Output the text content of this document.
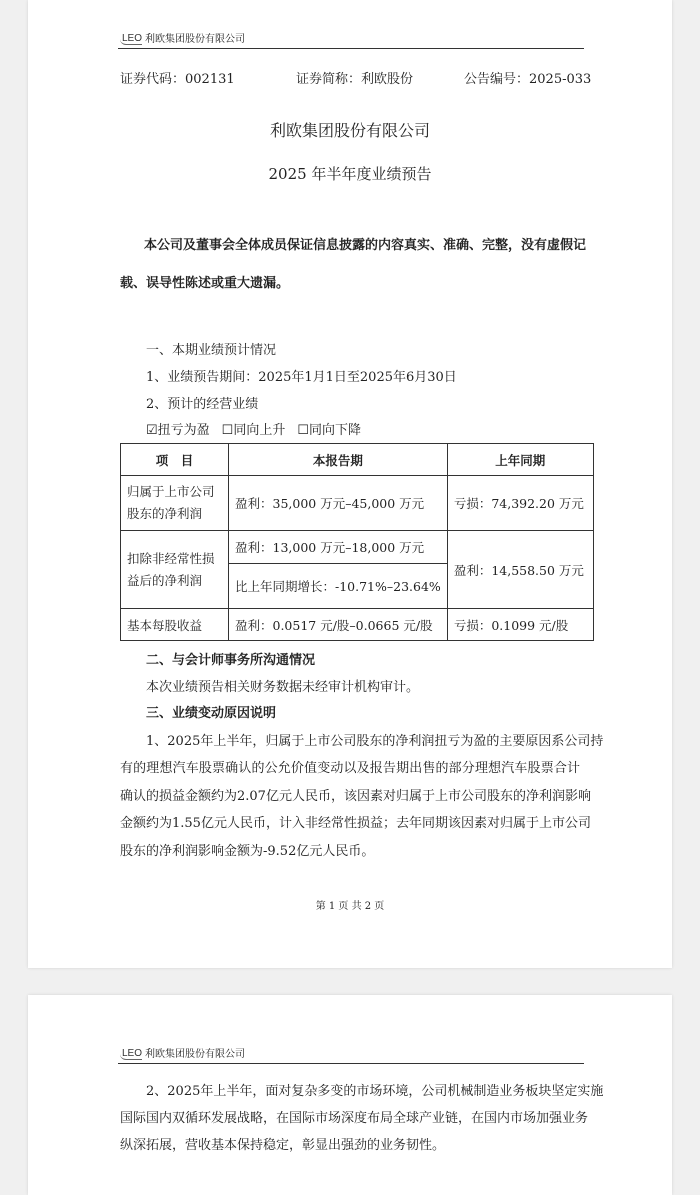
LEO 利欧集团股份有限公司
证券代码：002131	证券简称：利欧股份	公告编号：2025-033
利欧集团股份有限公司
2025 年半年度业绩预告
本公司及董事会全体成员保证信息披露的内容真实、准确、完整，没有虚假记
载、误导性陈述或重大遗漏。
一、本期业绩预计情况
1、业绩预告期间：2025年1月1日至2025年6月30日
2、预计的经营业绩
☑扭亏为盈 ☐同向上升 ☐同向下降
项　目	本报告期	上年同期
归属于上市公司股东的净利润	盈利：35,000 万元–45,000 万元	亏损：74,392.20 万元
扣除非经常性损益后的净利润	盈利：13,000 万元–18,000 万元	盈利：14,558.50 万元
	比上年同期增长：-10.71%–23.64%	
基本每股收益	盈利：0.0517 元/股–0.0665 元/股	亏损：0.1099 元/股
二、与会计师事务所沟通情况
本次业绩预告相关财务数据未经审计机构审计。
三、业绩变动原因说明
1、2025年上半年，归属于上市公司股东的净利润扭亏为盈的主要原因系公司持
有的理想汽车股票确认的公允价值变动以及报告期出售的部分理想汽车股票合计
确认的损益金额约为2.07亿元人民币，该因素对归属于上市公司股东的净利润影响
金额约为1.55亿元人民币，计入非经常性损益；去年同期该因素对归属于上市公司
股东的净利润影响金额为-9.52亿元人民币。
第 1 页 共 2 页
LEO 利欧集团股份有限公司
2、2025年上半年，面对复杂多变的市场环境，公司机械制造业务板块坚定实施
国际国内双循环发展战略，在国际市场深度布局全球产业链，在国内市场加强业务
纵深拓展，营收基本保持稳定，彰显出强劲的业务韧性。
